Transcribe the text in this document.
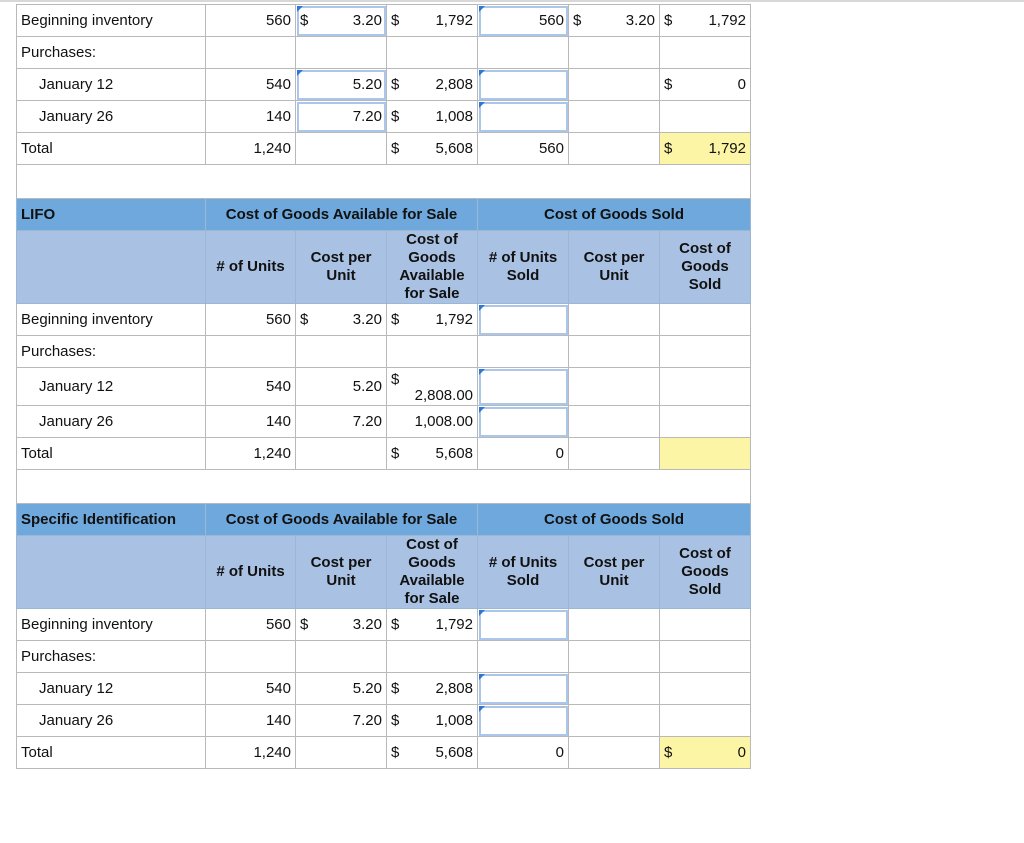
Beginning inventory	560	$ 3.20	$ 1,792	560	$ 3.20	$ 1,792

Purchases:						
January 12	540	5.20	$ 2,808			$ 0

January 26	140	7.20	$ 1,008			

Total	1,240		$ 5,608	560		$ 1,792

LIFO	Cost of Goods Available for Sale			Cost of Goods Sold		
	# of Units	Cost per Unit	Cost of Goods Available for Sale	# of Units Sold	Cost per Unit	Cost of Goods Sold
Beginning inventory	560	$ 3.20	$ 1,792			

Purchases:						
January 12	540	5.20	$
2,808.00			

January 26	140	7.20	1,008.00			
Total	1,240		$ 5,608	0		

Specific Identification	Cost of Goods Available for Sale			Cost of Goods Sold		
	# of Units	Cost per Unit	Cost of Goods Available for Sale	# of Units Sold	Cost per Unit	Cost of Goods Sold
Beginning inventory	560	$ 3.20	$ 1,792			

Purchases:						
January 12	540	5.20	$ 2,808			

January 26	140	7.20	$ 1,008			

Total	1,240		$ 5,608	0		$ 0
